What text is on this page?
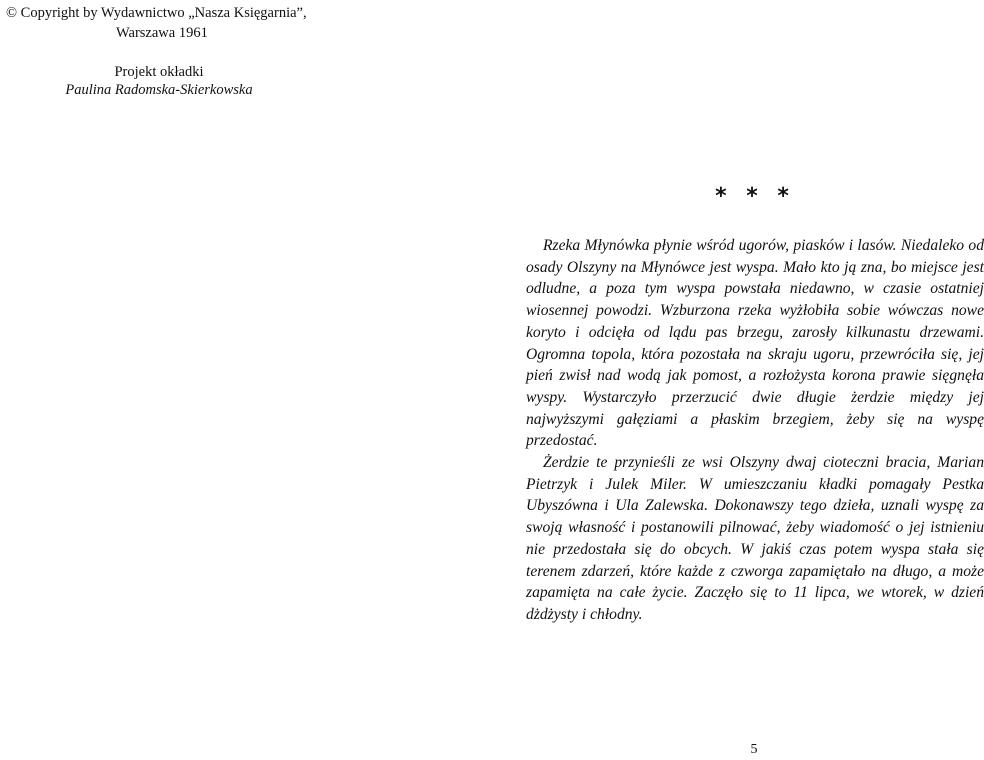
© Copyright by Wydawnictwo „Nasza Księgarnia”,
Warszawa 1961
Projekt okładki
Paulina Radomska-Skierkowska
* * *

Rzeka Młynówka płynie wśród ugorów, piasków i lasów. Niedaleko od osady Olszyny na Młynówce jest wyspa. Mało kto ją zna, bo miejsce jest odludne, a poza tym wyspa powstała niedawno, w czasie ostatniej wiosennej powodzi. Wzburzona rzeka wyżłobiła sobie wówczas nowe koryto i odcięła od lądu pas brzegu, zarosły kilkunastu drzewami. Ogromna topola, która pozostała na skraju ugoru, przewróciła się, jej pień zwisł nad wodą jak pomost, a rozłożysta korona prawie sięgnęła wyspy. Wystarczyło przerzucić dwie długie żerdzie między jej najwyższymi gałęziami a płaskim brzegiem, żeby się na wyspę przedostać.

Żerdzie te przynieśli ze wsi Olszyny dwaj cioteczni bracia, Marian Pietrzyk i Julek Miler. W umieszczaniu kładki pomagały Pestka Ubyszówna i Ula Zalewska. Dokonawszy tego dzieła, uznali wyspę za swoją własność i postanowili pilnować, żeby wiadomość o jej istnieniu nie przedostała się do obcych. W jakiś czas potem wyspa stała się terenem zdarzeń, które każde z czworga zapamiętało na długo, a może zapamięta na całe życie. Zaczęło się to 11 lipca, we wtorek, w dzień dżdżysty i chłodny.

5
